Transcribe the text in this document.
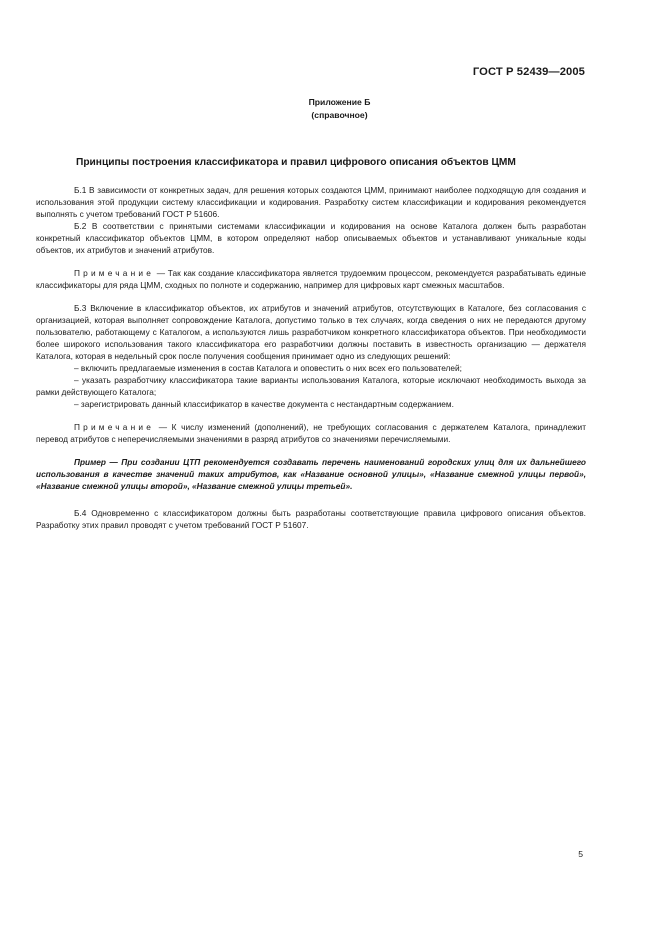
ГОСТ Р 52439—2005
Приложение Б
(справочное)
Принципы построения классификатора и правил цифрового описания объектов ЦММ

Б.1 В зависимости от конкретных задач, для решения которых создаются ЦММ, принимают наиболее подходящую для создания и использования этой продукции систему классификации и кодирования. Разработку систем классификации и кодирования рекомендуется выполнять с учетом требований ГОСТ Р 51606.

Б.2 В соответствии с принятыми системами классификации и кодирования на основе Каталога должен быть разработан конкретный классификатор объектов ЦММ, в котором определяют набор описываемых объектов и устанавливают уникальные коды объектов, их атрибутов и значений атрибутов.

Примечание — Так как создание классификатора является трудоемким процессом, рекомендуется разрабатывать единые классификаторы для ряда ЦММ, сходных по полноте и содержанию, например для цифровых карт смежных масштабов.

Б.3 Включение в классификатор объектов, их атрибутов и значений атрибутов, отсутствующих в Каталоге, без согласования с организацией, которая выполняет сопровождение Каталога, допустимо только в тех случаях, когда сведения о них не передаются другому пользователю, работающему с Каталогом, а используются лишь разработчиком конкретного классификатора объектов. При необходимости более широкого использования такого классификатора его разработчики должны поставить в известность организацию — держателя Каталога, которая в недельный срок после получения сообщения принимает одно из следующих решений:

– включить предлагаемые изменения в состав Каталога и оповестить о них всех его пользователей;

– указать разработчику классификатора такие варианты использования Каталога, которые исключают необходимость выхода за рамки действующего Каталога;

– зарегистрировать данный классификатор в качестве документа с нестандартным содержанием.

Примечание — К числу изменений (дополнений), не требующих согласования с держателем Каталога, принадлежит перевод атрибутов с неперечисляемыми значениями в разряд атрибутов со значениями перечисляемыми.

Пример — При создании ЦТП рекомендуется создавать перечень наименований городских улиц для их дальнейшего использования в качестве значений таких атрибутов, как «Название основной улицы», «Название смежной улицы первой», «Название смежной улицы второй», «Название смежной улицы третьей».

Б.4 Одновременно с классификатором должны быть разработаны соответствующие правила цифрового описания объектов. Разработку этих правил проводят с учетом требований ГОСТ Р 51607.

5
